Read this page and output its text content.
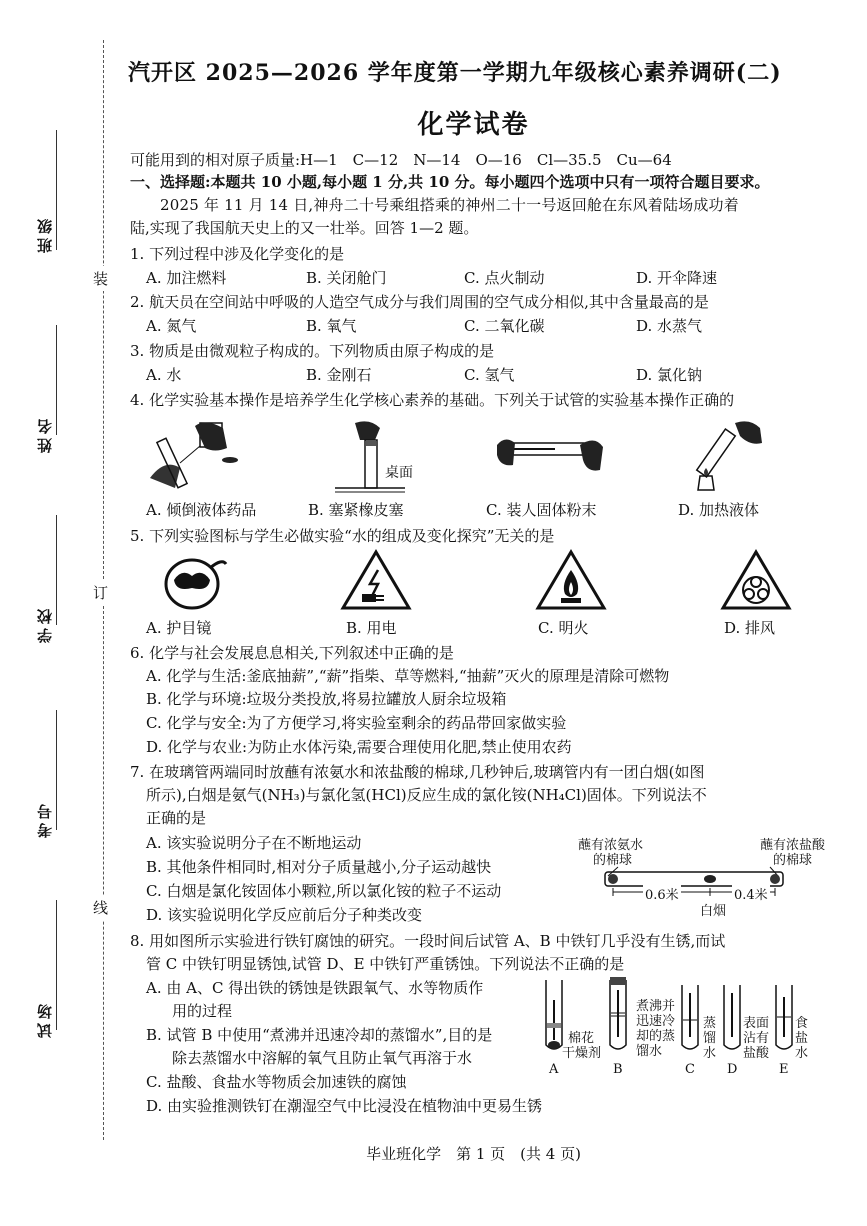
班级
姓名
学校
考号
试场
装
订
线
汽开区 2025—2026 学年度第一学期九年级核心素养调研(二)
化学试卷
可能用到的相对原子质量:H—1　C—12　N—14　O—16　Cl—35.5　Cu—64
一、选择题:本题共 10 小题,每小题 1 分,共 10 分。每小题四个选项中只有一项符合题目要求。
2025 年 11 月 14 日,神舟二十号乘组搭乘的神州二十一号返回舱在东风着陆场成功着
陆,实现了我国航天史上的又一壮举。回答 1—2 题。
1. 下列过程中涉及化学变化的是
A. 加注燃料	B. 关闭舱门	C. 点火制动	D. 开伞降速
2. 航天员在空间站中呼吸的人造空气成分与我们周围的空气成分相似,其中含量最高的是
A. 氮气	B. 氧气	C. 二氧化碳	D. 水蒸气
3. 物质是由微观粒子构成的。下列物质由原子构成的是
A. 水	B. 金刚石	C. 氢气	D. 氯化钠
4. 化学实验基本操作是培养学生化学核心素养的基础。下列关于试管的实验基本操作正确的
桌面
A. 倾倒液体药品	B. 塞紧橡皮塞	C. 装人固体粉末	D. 加热液体
5. 下列实验图标与学生必做实验“水的组成及变化探究”无关的是
A. 护目镜	B. 用电	C. 明火	D. 排风
6. 化学与社会发展息息相关,下列叙述中正确的是
A. 化学与生活:釜底抽薪”,“薪”指柴、草等燃料,“抽薪”灭火的原理是清除可燃物
B. 化学与环境:垃圾分类投放,将易拉罐放人厨余垃圾箱
C. 化学与安全:为了方便学习,将实验室剩余的药品带回家做实验
D. 化学与农业:为防止水体污染,需要合理使用化肥,禁止使用农药
7. 在玻璃管两端同时放蘸有浓氨水和浓盐酸的棉球,几秒钟后,玻璃管内有一团白烟(如图
所示),白烟是氨气(NH₃)与氯化氢(HCl)反应生成的氯化铵(NH₄Cl)固体。下列说法不
正确的是
A. 该实验说明分子在不断地运动
B. 其他条件相同时,相对分子质量越小,分子运动越快
C. 白烟是氯化铵固体小颗粒,所以氯化铵的粒子不运动
D. 该实验说明化学反应前后分子种类改变
蘸有浓氨水
的棉球
蘸有浓盐酸
的棉球
0.6米	0.4米
白烟
8. 用如图所示实验进行铁钉腐蚀的研究。一段时间后试管 A、B 中铁钉几乎没有生锈,而试
管 C 中铁钉明显锈蚀,试管 D、E 中铁钉严重锈蚀。下列说法不正确的是
A. 由 A、C 得出铁的锈蚀是铁跟氧气、水等物质作
用的过程
B. 试管 B 中使用“煮沸并迅速冷却的蒸馏水”,目的是
除去蒸馏水中溶解的氧气且防止氧气再溶于水
C. 盐酸、食盐水等物质会加速铁的腐蚀
D. 由实验推测铁钉在潮湿空气中比浸没在植物油中更易生锈
棉花
干燥剂
煮沸并
迅速冷
却的蒸
馏水
蒸
馏
水
表面
沾有
盐酸
食
盐
水
A	B	C D	E
毕业班化学　第 1 页　(共 4 页)
